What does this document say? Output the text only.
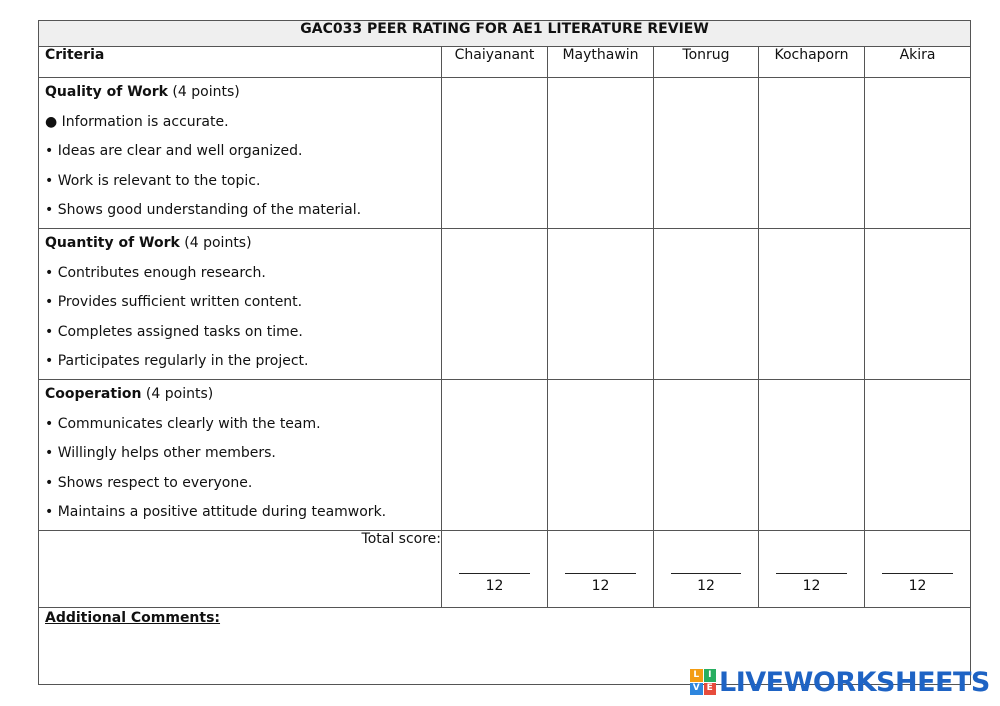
GAC033 PEER RATING FOR AE1 LITERATURE REVIEW					
Criteria	Chaiyanant	Maythawin	Tonrug	Kochaporn	Akira

Quality of Work (4 points)
● Information is accurate.
• Ideas are clear and well organized.
• Work is relevant to the topic.
• Shows good understanding of the material.					

Quantity of Work (4 points)
• Contributes enough research.
• Provides sufficient written content.
• Completes assigned tasks on time.
• Participates regularly in the project.					

Cooperation (4 points)
• Communicates clearly with the team.
• Willingly helps other members.
• Shows respect to everyone.
• Maintains a positive attitude during teamwork.					

Total score:	12	12	12	12	12

Additional Comments:					
L I
V E LIVEWORKSHEETS
